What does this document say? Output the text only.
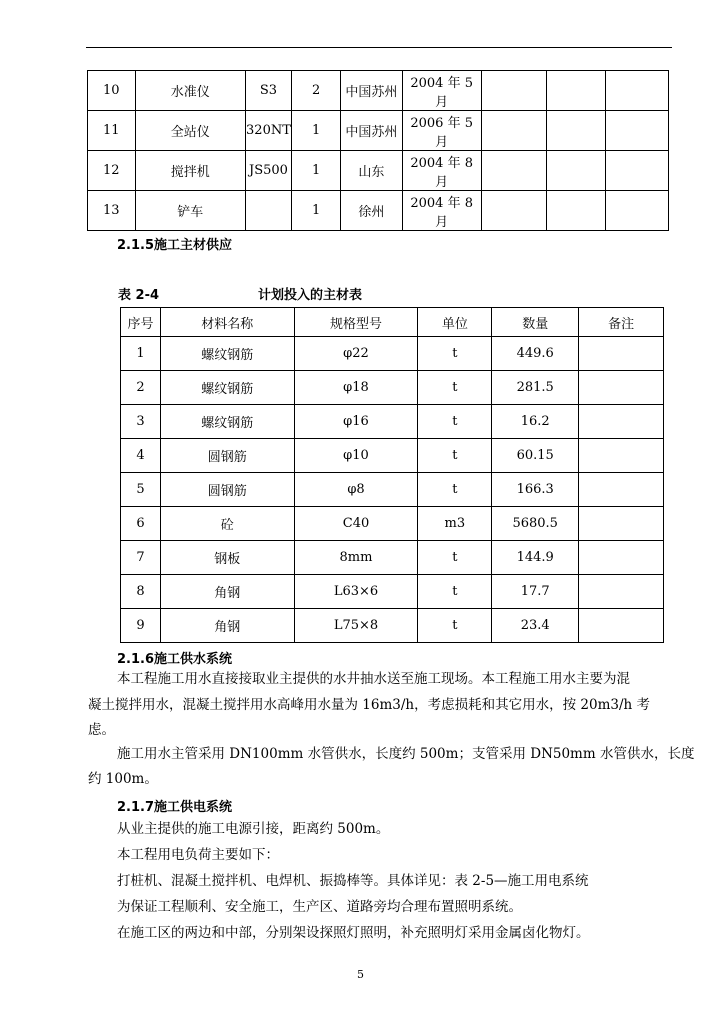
10	水准仪	S3	2	中国苏州	2004 年 5 月			
11	全站仪	320NT	1	中国苏州	2006 年 5 月			
12	搅拌机	JS500	1	山东	2004 年 8 月			
13	铲车		1	徐州	2004 年 8 月			
2.1.5施工主材供应
表 2-4	计划投入的主材表
序号	材料名称	规格型号	单位	数量	备注
1	螺纹钢筋	φ22	t	449.6	
2	螺纹钢筋	φ18	t	281.5	
3	螺纹钢筋	φ16	t	16.2	
4	圆钢筋	φ10	t	60.15	
5	圆钢筋	φ8	t	166.3	
6	砼	C40	m3	5680.5	
7	钢板	8mm	t	144.9	
8	角钢	L63×6	t	17.7	
9	角钢	L75×8	t	23.4	
2.1.6施工供水系统
本工程施工用水直接接取业主提供的水井抽水送至施工现场。本工程施工用水主要为混
凝土搅拌用水，混凝土搅拌用水高峰用水量为 16m3/h，考虑损耗和其它用水，按 20m3/h 考
虑。
施工用水主管采用 DN100mm 水管供水，长度约 500m；支管采用 DN50mm 水管供水，长度
约 100m。
2.1.7施工供电系统
从业主提供的施工电源引接，距离约 500m。
本工程用电负荷主要如下：
打桩机、混凝土搅拌机、电焊机、振捣棒等。具体详见：表 2-5—施工用电系统
为保证工程顺利、安全施工，生产区、道路旁均合理布置照明系统。
在施工区的两边和中部，分别架设探照灯照明，补充照明灯采用金属卤化物灯。
5
